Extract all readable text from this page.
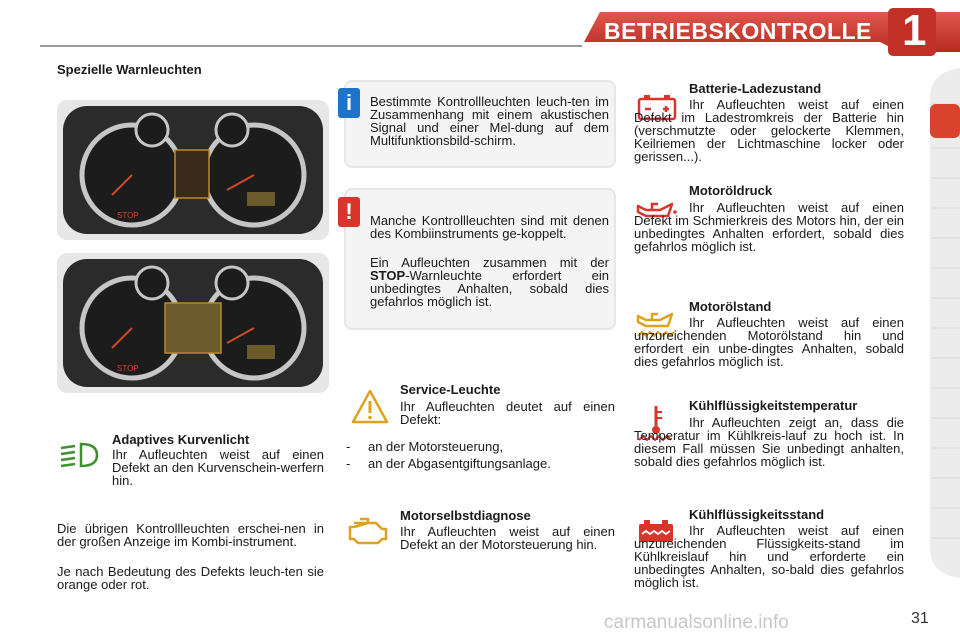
BETRIEBSKONTROLLE 1
Spezielle Warnleuchten
STOP
STOP
Adaptives Kurvenlicht
Ihr Aufleuchten weist auf einen Defekt an den Kurvenschein-werfern hin.
Die übrigen Kontrollleuchten erschei-nen in der großen Anzeige im Kombi-instrument.
Je nach Bedeutung des Defekts leuch-ten sie orange oder rot.
i	Bestimmte Kontrollleuchten leuch-ten im Zusammenhang mit einem akustischen Signal und einer Mel-dung auf dem Multifunktionsbild-schirm.
!	Manche Kontrollleuchten sind mit denen des Kombiinstruments ge-koppelt.
Ein Aufleuchten zusammen mit der STOP-Warnleuchte erfordert ein unbedingtes Anhalten, sobald dies gefahrlos möglich ist.
Service-Leuchte
Ihr Aufleuchten deutet auf einen Defekt:
- an der Motorsteuerung,
- an der Abgasentgiftungsanlage.
Motorselbstdiagnose
Ihr Aufleuchten weist auf einen Defekt an der Motorsteuerung hin.
Batterie-Ladezustand
Ihr Aufleuchten weist auf einen Defekt im Ladestromkreis der Batterie hin (verschmutzte oder gelockerte Klemmen, Keilriemen der Lichtmaschine locker oder gerissen...).
Motoröldruck
Ihr Aufleuchten weist auf einen Defekt im Schmierkreis des Motors hin, der ein unbedingtes Anhalten erfordert, sobald dies gefahrlos möglich ist.
Motorölstand
Ihr Aufleuchten weist auf einen unzureichenden Motorölstand hin und erfordert ein unbe-dingtes Anhalten, sobald dies gefahrlos möglich ist.
Kühlflüssigkeitstemperatur
Ihr Aufleuchten zeigt an, dass die Temperatur im Kühlkreis-lauf zu hoch ist. In diesem Fall müssen Sie unbedingt anhalten, sobald dies gefahrlos möglich ist.
Kühlflüssigkeitsstand
Ihr Aufleuchten weist auf einen unzureichenden Flüssigkeits-stand im Kühlkreislauf hin und erforderte ein unbedingtes Anhalten, so-bald dies gefahrlos möglich ist.
carmanualsonline.info	31
